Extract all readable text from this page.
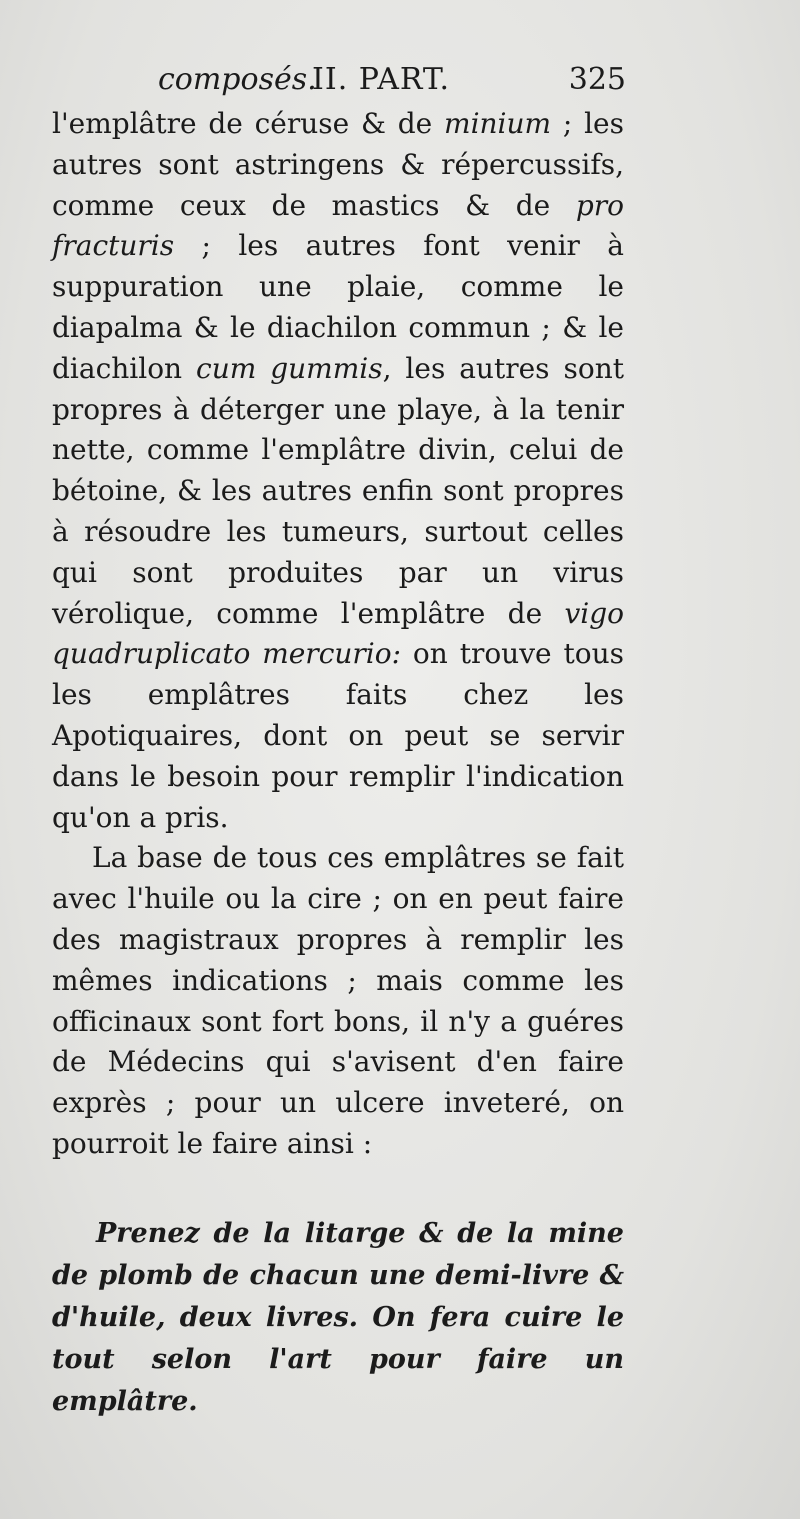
composés.
II. PART.	325

l'emplâtre de céruse & de minium ; les autres sont astringens & répercussifs, comme ceux de mastics & de pro fracturis ; les autres font venir à suppuration une plaie, comme le diapalma & le diachilon commun ; & le diachilon cum gummis, les autres sont propres à déterger une playe, à la tenir nette, comme l'emplâtre divin, celui de bétoine, & les autres enfin sont propres à résoudre les tumeurs, surtout celles qui sont produites par un virus vérolique, comme l'emplâtre de vigo quadruplicato mercurio: on trouve tous les emplâtres faits chez les Apotiquaires, dont on peut se servir dans le besoin pour remplir l'indication qu'on a pris.

La base de tous ces emplâtres se fait avec l'huile ou la cire ; on en peut faire des magistraux propres à remplir les mêmes indications ; mais comme les officinaux sont fort bons, il n'y a guéres de Médecins qui s'avisent d'en faire exprès ; pour un ulcere inveteré, on pourroit le faire ainsi :

Prenez de la litarge & de la mine de plomb de chacun une demi-livre & d'huile, deux livres. On fera cuire le tout selon l'art pour faire un emplâtre.
